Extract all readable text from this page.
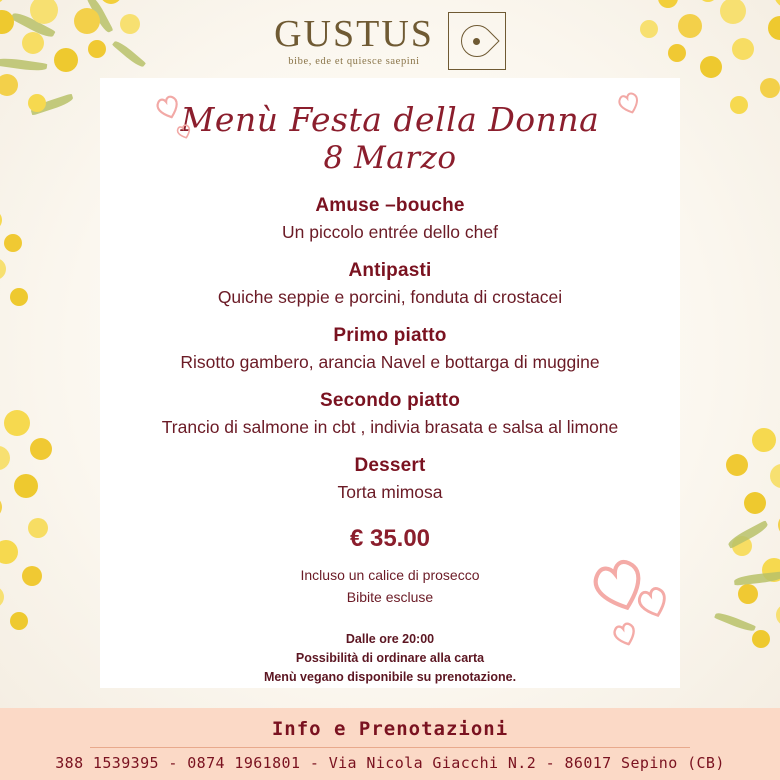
GUSTUS
bibe, ede et quiesce saepini
Menù Festa della Donna
8 Marzo
Amuse –bouche
Un piccolo entrée dello chef
Antipasti
Quiche seppie e porcini, fonduta di crostacei
Primo piatto
Risotto gambero, arancia Navel e bottarga di muggine
Secondo piatto
Trancio di salmone in cbt , indivia brasata e salsa al limone
Dessert
Torta mimosa
€ 35.00
Incluso un calice di prosecco
Bibite escluse
Dalle ore 20:00
Possibilità di ordinare alla carta
Menù vegano disponibile su prenotazione.
Info e Prenotazioni
388 1539395 - 0874 1961801 - Via Nicola Giacchi N.2 - 86017 Sepino (CB)
